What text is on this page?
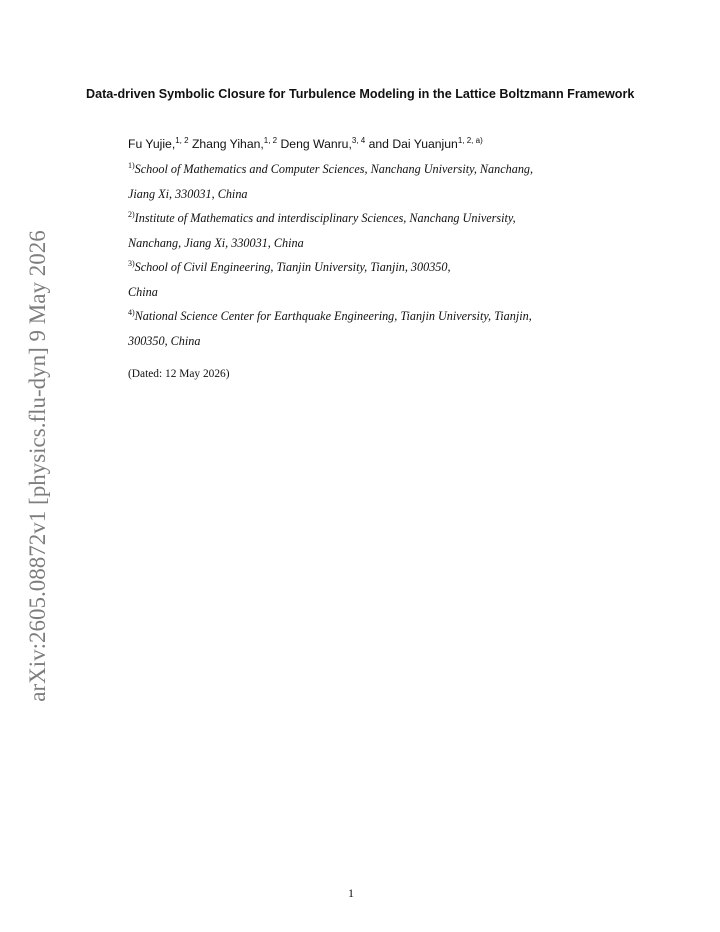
arXiv:2605.08872v1 [physics.flu-dyn] 9 May 2026
Data-driven Symbolic Closure for Turbulence Modeling in the Lattice Boltzmann Framework
Fu Yujie,$^{1, 2}$ Zhang Yihan,$^{1, 2}$ Deng Wanru,$^{3, 4}$ and Dai Yuanjun$^{1, 2, a)}$
$^{1)}$School of Mathematics and Computer Sciences, Nanchang University, Nanchang,
Jiang Xi, 330031, China
$^{2)}$Institute of Mathematics and interdisciplinary Sciences, Nanchang University,
Nanchang, Jiang Xi, 330031, China
$^{3)}$School of Civil Engineering, Tianjin University, Tianjin, 300350,
China
$^{4)}$National Science Center for Earthquake Engineering, Tianjin University, Tianjin,
300350, China
(Dated: 12 May 2026)
1
